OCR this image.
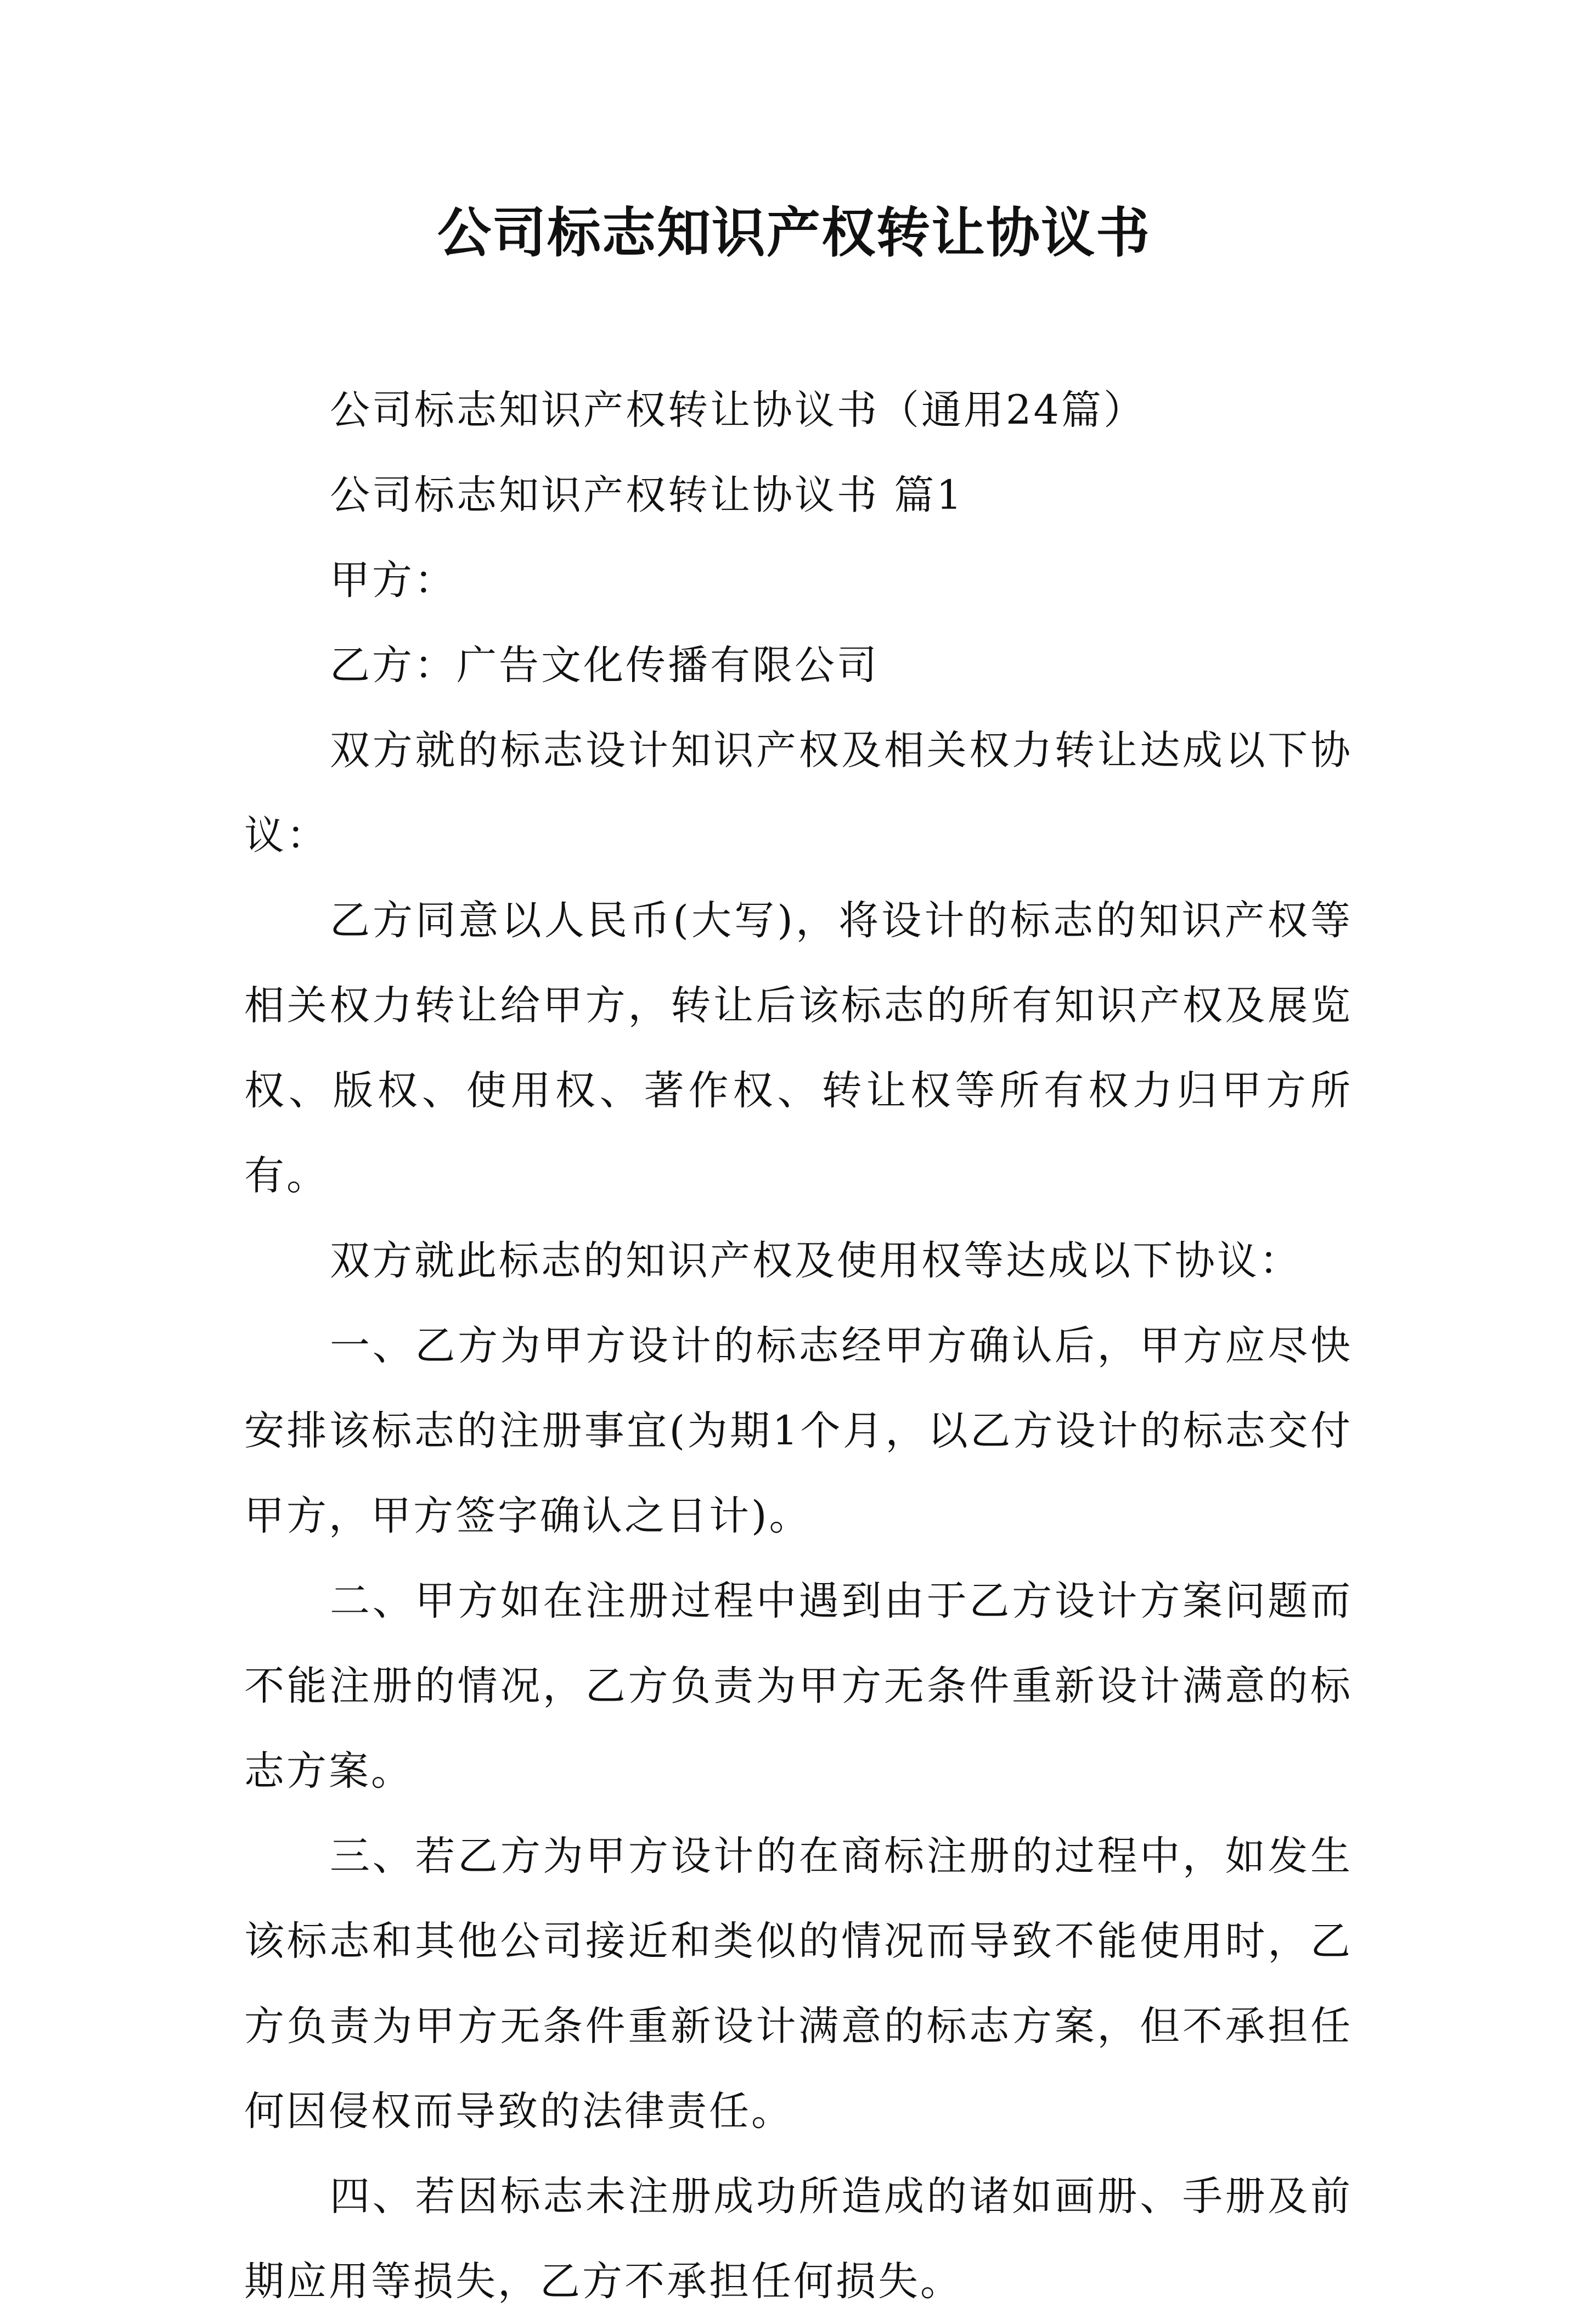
公司标志知识产权转让协议书

公司标志知识产权转让协议书（通用24篇）

公司标志知识产权转让协议书 篇1

甲方：

乙方：广告文化传播有限公司

双方就的标志设计知识产权及相关权力转让达成以下协议：

乙方同意以人民币(大写)，将设计的标志的知识产权等相关权力转让给甲方，转让后该标志的所有知识产权及展览权、版权、使用权、著作权、转让权等所有权力归甲方所有。

双方就此标志的知识产权及使用权等达成以下协议：

一、乙方为甲方设计的标志经甲方确认后，甲方应尽快安排该标志的注册事宜(为期1个月，以乙方设计的标志交付甲方，甲方签字确认之日计)。

二、甲方如在注册过程中遇到由于乙方设计方案问题而不能注册的情况，乙方负责为甲方无条件重新设计满意的标志方案。

三、若乙方为甲方设计的在商标注册的过程中，如发生该标志和其他公司接近和类似的情况而导致不能使用时，乙方负责为甲方无条件重新设计满意的标志方案，但不承担任何因侵权而导致的法律责任。

四、若因标志未注册成功所造成的诸如画册、手册及前期应用等损失，乙方不承担任何损失。
